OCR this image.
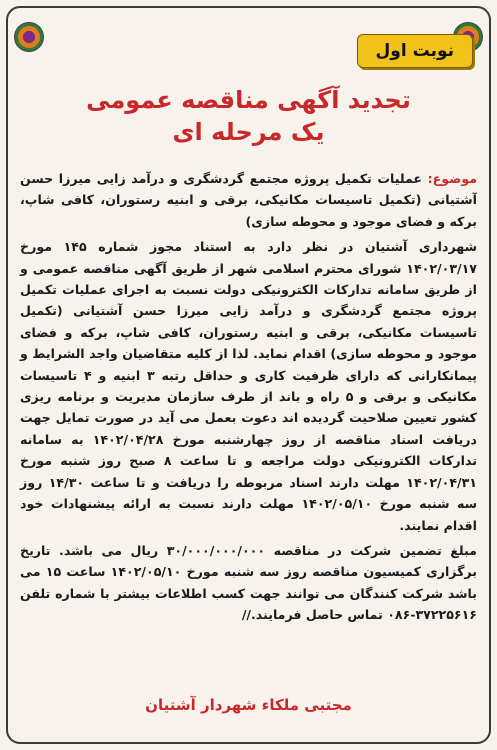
نوبت اول
تجدید آگهی مناقصه عمومی
یک مرحله ای

موضوع: عملیات تکمیل پروژه مجتمع گردشگری و درآمد زایی میرزا حسن آشتیانی (تکمیل تاسیسات مکانیکی، برقی و ابنیه رستوران، کافی شاپ، برکه و فضای موجود و محوطه سازی)

شهرداری آشتیان در نظر دارد به استناد مجوز شماره ۱۴۵ مورخ ۱۴۰۲/۰۳/۱۷ شورای محترم اسلامی شهر از طریق آگهی مناقصه عمومی و از طریق سامانه تدارکات الکترونیکی دولت نسبت به اجرای عملیات تکمیل پروژه مجتمع گردشگری و درآمد زایی میرزا حسن آشتیانی (تکمیل تاسیسات مکانیکی، برقی و ابنیه رستوران، کافی شاپ، برکه و فضای موجود و محوطه سازی) اقدام نماید. لذا از کلیه متقاضیان واجد الشرایط و پیمانکارانی که دارای ظرفیت کاری و حداقل رتبه ۳ ابنیه و ۴ تاسیسات مکانیکی و برقی و ۵ راه و باند از طرف سازمان مدیریت و برنامه ریزی کشور تعیین صلاحیت گردیده اند دعوت بعمل می آید در صورت تمایل جهت دریافت اسناد مناقصه از روز چهارشنبه مورخ ۱۴۰۲/۰۴/۲۸ به سامانه تدارکات الکترونیکی دولت مراجعه و تا ساعت ۸ صبح روز شنبه مورخ ۱۴۰۲/۰۴/۳۱ مهلت دارند اسناد مربوطه را دریافت و تا ساعت ۱۴/۳۰ روز سه شنبه مورخ ۱۴۰۲/۰۵/۱۰ مهلت دارند نسبت به ارائه پیشنهادات خود اقدام نمایند.

مبلغ تضمین شرکت در مناقصه ۳۰/۰۰۰/۰۰۰/۰۰۰ ریال می باشد. تاریخ برگزاری کمیسیون مناقصه روز سه شنبه مورخ ۱۴۰۲/۰۵/۱۰ ساعت ۱۵ می باشد شرکت کنندگان می توانند جهت کسب اطلاعات بیشتر با شماره تلفن ۳۷۲۲۵۶۱۶-۰۸۶ تماس حاصل فرمایند.//

مجتبی ملکاء شهردار آشتیان
